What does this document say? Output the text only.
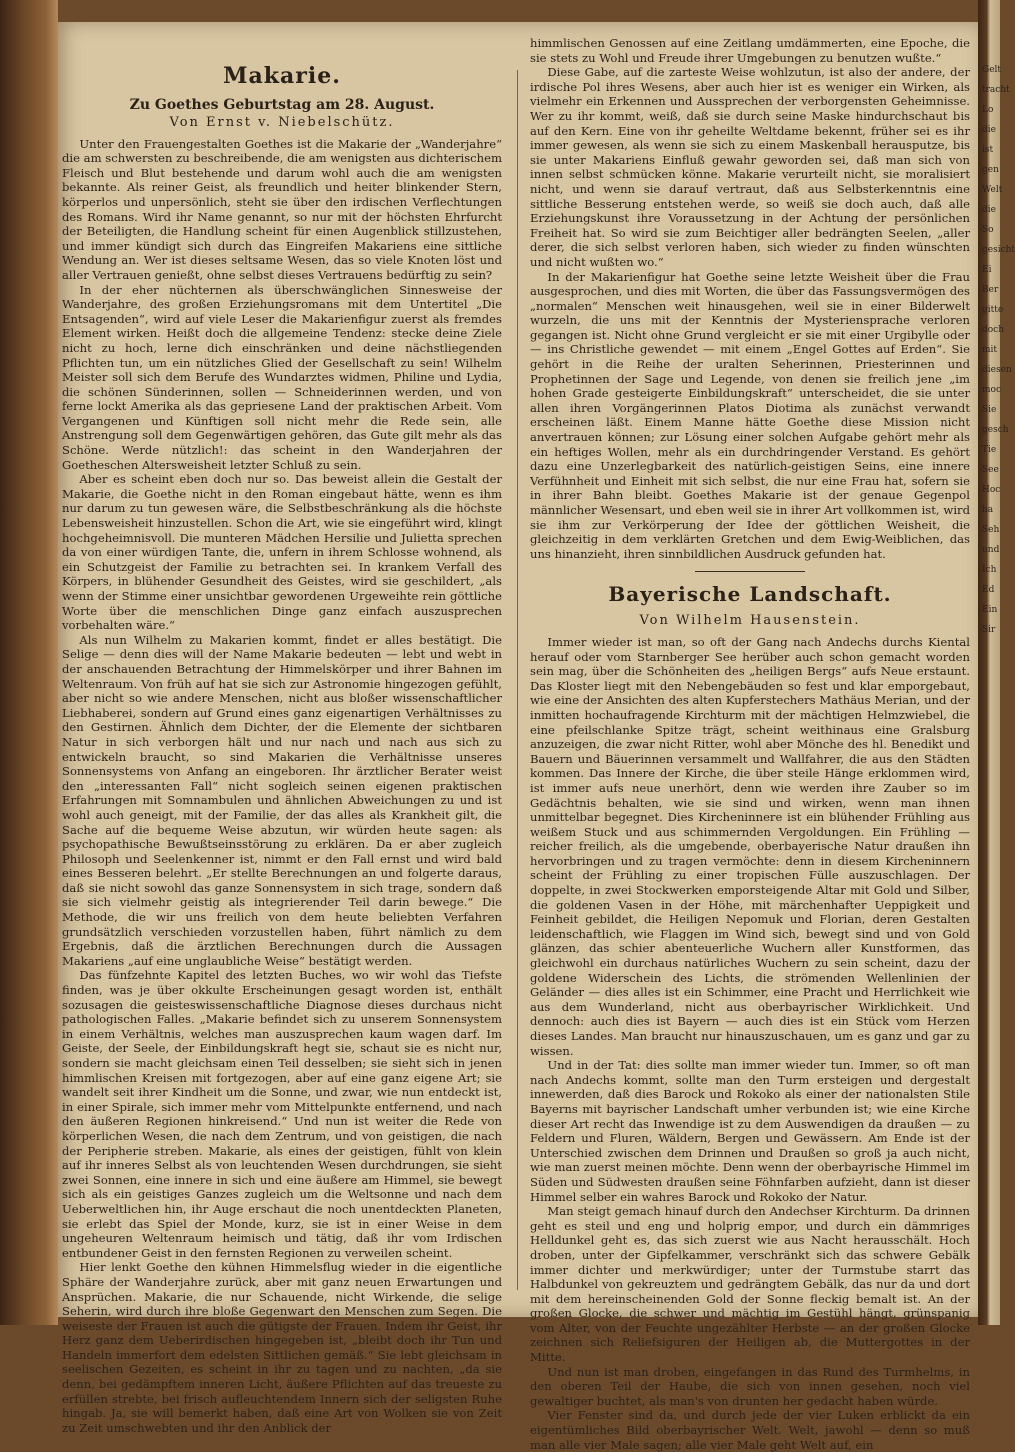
Gelt
tracht
Lo
die
ist
gen
Welt
die
So
gesicht
Ei
Ber
gitte
doch
mit
diesen
moc
Sie
gesch
Tie
See
Hoc
ha
Seh
und
Ich
Ed
Ein
Sir
Makarie.
Zu Goethes Geburtstag am 28. August.
Von Ernst v. Niebelschütz.

Unter den Frauengestalten Goethes ist die Makarie der „Wanderjahre“ die am schwersten zu beschreibende, die am wenigsten aus dichterischem Fleisch und Blut bestehende und darum wohl auch die am wenigsten bekannte. Als reiner Geist, als freundlich und heiter blinkender Stern, körperlos und unpersönlich, steht sie über den irdischen Verflechtungen des Romans. Wird ihr Name genannt, so nur mit der höchsten Ehrfurcht der Beteiligten, die Handlung scheint für einen Augenblick stillzustehen, und immer kündigt sich durch das Eingreifen Makariens eine sittliche Wendung an. Wer ist dieses seltsame Wesen, das so viele Knoten löst und aller Vertrauen genießt, ohne selbst dieses Vertrauens bedürftig zu sein?

In der eher nüchternen als überschwänglichen Sinnesweise der Wanderjahre, des großen Erziehungsromans mit dem Untertitel „Die Entsagenden“, wird auf viele Leser die Makarienfigur zuerst als fremdes Element wirken. Heißt doch die allgemeine Tendenz: stecke deine Ziele nicht zu hoch, lerne dich einschränken und deine nächstliegenden Pflichten tun, um ein nützliches Glied der Gesellschaft zu sein! Wilhelm Meister soll sich dem Berufe des Wundarztes widmen, Philine und Lydia, die schönen Sünderinnen, sollen — Schneiderinnen werden, und von ferne lockt Amerika als das gepriesene Land der praktischen Arbeit. Vom Vergangenen und Künftigen soll nicht mehr die Rede sein, alle Anstrengung soll dem Gegenwärtigen gehören, das Gute gilt mehr als das Schöne. Werde nützlich!: das scheint in den Wanderjahren der Goetheschen Altersweisheit letzter Schluß zu sein.

Aber es scheint eben doch nur so. Das beweist allein die Gestalt der Makarie, die Goethe nicht in den Roman eingebaut hätte, wenn es ihm nur darum zu tun gewesen wäre, die Selbstbeschränkung als die höchste Lebensweisheit hinzustellen. Schon die Art, wie sie eingeführt wird, klingt hochgeheimnisvoll. Die munteren Mädchen Hersilie und Julietta sprechen da von einer würdigen Tante, die, unfern in ihrem Schlosse wohnend, als ein Schutzgeist der Familie zu betrachten sei. In krankem Verfall des Körpers, in blühender Gesundheit des Geistes, wird sie geschildert, „als wenn der Stimme einer unsichtbar gewordenen Urgeweihte rein göttliche Worte über die menschlichen Dinge ganz einfach auszusprechen vorbehalten wäre.“

Als nun Wilhelm zu Makarien kommt, findet er alles bestätigt. Die Selige — denn dies will der Name Makarie bedeuten — lebt und webt in der anschauenden Betrachtung der Himmelskörper und ihrer Bahnen im Weltenraum. Von früh auf hat sie sich zur Astronomie hingezogen gefühlt, aber nicht so wie andere Menschen, nicht aus bloßer wissenschaftlicher Liebhaberei, sondern auf Grund eines ganz eigenartigen Verhältnisses zu den Gestirnen. Ähnlich dem Dichter, der die Elemente der sichtbaren Natur in sich verborgen hält und nur nach und nach aus sich zu entwickeln braucht, so sind Makarien die Verhältnisse unseres Sonnensystems von Anfang an eingeboren. Ihr ärztlicher Berater weist den „interessanten Fall“ nicht sogleich seinen eigenen praktischen Erfahrungen mit Somnambulen und ähnlichen Abweichungen zu und ist wohl auch geneigt, mit der Familie, der das alles als Krankheit gilt, die Sache auf die bequeme Weise abzutun, wir würden heute sagen: als psychopathische Bewußtseinsstörung zu erklären. Da er aber zugleich Philosoph und Seelenkenner ist, nimmt er den Fall ernst und wird bald eines Besseren belehrt. „Er stellte Berechnungen an und folgerte daraus, daß sie nicht sowohl das ganze Sonnensystem in sich trage, sondern daß sie sich vielmehr geistig als integrierender Teil darin bewege.“ Die Methode, die wir uns freilich von dem heute beliebten Verfahren grundsätzlich verschieden vorzustellen haben, führt nämlich zu dem Ergebnis, daß die ärztlichen Berechnungen durch die Aussagen Makariens „auf eine unglaubliche Weise“ bestätigt werden.

Das fünfzehnte Kapitel des letzten Buches, wo wir wohl das Tiefste finden, was je über okkulte Erscheinungen gesagt worden ist, enthält sozusagen die geisteswissenschaftliche Diagnose dieses durchaus nicht pathologischen Falles. „Makarie befindet sich zu unserem Sonnensystem in einem Verhältnis, welches man auszusprechen kaum wagen darf. Im Geiste, der Seele, der Einbildungskraft hegt sie, schaut sie es nicht nur, sondern sie macht gleichsam einen Teil desselben; sie sieht sich in jenen himmlischen Kreisen mit fortgezogen, aber auf eine ganz eigene Art; sie wandelt seit ihrer Kindheit um die Sonne, und zwar, wie nun entdeckt ist, in einer Spirale, sich immer mehr vom Mittelpunkte entfernend, und nach den äußeren Regionen hinkreisend.“ Und nun ist weiter die Rede von körperlichen Wesen, die nach dem Zentrum, und von geistigen, die nach der Peripherie streben. Makarie, als eines der geistigen, fühlt von klein auf ihr inneres Selbst als von leuchtenden Wesen durchdrungen, sie sieht zwei Sonnen, eine innere in sich und eine äußere am Himmel, sie bewegt sich als ein geistiges Ganzes zugleich um die Weltsonne und nach dem Ueberweltlichen hin, ihr Auge erschaut die noch unentdeckten Planeten, sie erlebt das Spiel der Monde, kurz, sie ist in einer Weise in dem ungeheuren Weltenraum heimisch und tätig, daß ihr vom Irdischen entbundener Geist in den fernsten Regionen zu verweilen scheint.

Hier lenkt Goethe den kühnen Himmelsflug wieder in die eigentliche Sphäre der Wanderjahre zurück, aber mit ganz neuen Erwartungen und Ansprüchen. Makarie, die nur Schauende, nicht Wirkende, die selige Seherin, wird durch ihre bloße Gegenwart den Menschen zum Segen. Die weiseste der Frauen ist auch die gütigste der Frauen. Indem ihr Geist, ihr Herz ganz dem Ueberirdischen hingegeben ist, „bleibt doch ihr Tun und Handeln immerfort dem edelsten Sittlichen gemäß.“ Sie lebt gleichsam in seelischen Gezeiten, es scheint in ihr zu tagen und zu nachten, „da sie denn, bei gedämpftem inneren Licht, äußere Pflichten auf das treueste zu erfüllen strebte, bei frisch aufleuchtendem Innern sich der seligsten Ruhe hingab. Ja, sie will bemerkt haben, daß eine Art von Wolken sie von Zeit zu Zeit umschwebten und ihr den Anblick der

himmlischen Genossen auf eine Zeitlang umdämmerten, eine Epoche, die sie stets zu Wohl und Freude ihrer Umgebungen zu benutzen wußte.“

Diese Gabe, auf die zarteste Weise wohlzutun, ist also der andere, der irdische Pol ihres Wesens, aber auch hier ist es weniger ein Wirken, als vielmehr ein Erkennen und Aussprechen der verborgensten Geheimnisse. Wer zu ihr kommt, weiß, daß sie durch seine Maske hindurchschaut bis auf den Kern. Eine von ihr geheilte Weltdame bekennt, früher sei es ihr immer gewesen, als wenn sie sich zu einem Maskenball herausputze, bis sie unter Makariens Einfluß gewahr geworden sei, daß man sich von innen selbst schmücken könne. Makarie verurteilt nicht, sie moralisiert nicht, und wenn sie darauf vertraut, daß aus Selbsterkenntnis eine sittliche Besserung entstehen werde, so weiß sie doch auch, daß alle Erziehungskunst ihre Voraussetzung in der Achtung der persönlichen Freiheit hat. So wird sie zum Beichtiger aller bedrängten Seelen, „aller derer, die sich selbst verloren haben, sich wieder zu finden wünschten und nicht wußten wo.“

In der Makarienfigur hat Goethe seine letzte Weisheit über die Frau ausgesprochen, und dies mit Worten, die über das Fassungsvermögen des „normalen“ Menschen weit hinausgehen, weil sie in einer Bilderwelt wurzeln, die uns mit der Kenntnis der Mysteriensprache verloren gegangen ist. Nicht ohne Grund vergleicht er sie mit einer Urgibylle oder — ins Christliche gewendet — mit einem „Engel Gottes auf Erden“. Sie gehört in die Reihe der uralten Seherinnen, Priesterinnen und Prophetinnen der Sage und Legende, von denen sie freilich jene „im hohen Grade gesteigerte Einbildungskraft“ unterscheidet, die sie unter allen ihren Vorgängerinnen Platos Diotima als zunächst verwandt erscheinen läßt. Einem Manne hätte Goethe diese Mission nicht anvertrauen können; zur Lösung einer solchen Aufgabe gehört mehr als ein heftiges Wollen, mehr als ein durchdringender Verstand. Es gehört dazu eine Unzerlegbarkeit des natürlich-geistigen Seins, eine innere Verfühnheit und Einheit mit sich selbst, die nur eine Frau hat, sofern sie in ihrer Bahn bleibt. Goethes Makarie ist der genaue Gegenpol männlicher Wesensart, und eben weil sie in ihrer Art vollkommen ist, wird sie ihm zur Verkörperung der Idee der göttlichen Weisheit, die gleichzeitig in dem verklärten Gretchen und dem Ewig-Weiblichen, das uns hinanzieht, ihren sinnbildlichen Ausdruck gefunden hat.

Bayerische Landschaft.
Von Wilhelm Hausenstein.

Immer wieder ist man, so oft der Gang nach Andechs durchs Kiental herauf oder vom Starnberger See herüber auch schon gemacht worden sein mag, über die Schönheiten des „heiligen Bergs“ aufs Neue erstaunt. Das Kloster liegt mit den Nebengebäuden so fest und klar emporgebaut, wie eine der Ansichten des alten Kupferstechers Mathäus Merian, und der inmitten hochaufragende Kirchturm mit der mächtigen Helmzwiebel, die eine pfeilschlanke Spitze trägt, scheint weithinaus eine Gralsburg anzuzeigen, die zwar nicht Ritter, wohl aber Mönche des hl. Benedikt und Bauern und Bäuerinnen versammelt und Wallfahrer, die aus den Städten kommen. Das Innere der Kirche, die über steile Hänge erklommen wird, ist immer aufs neue unerhört, denn wie werden ihre Zauber so im Gedächtnis behalten, wie sie sind und wirken, wenn man ihnen unmittelbar begegnet. Dies Kircheninnere ist ein blühender Frühling aus weißem Stuck und aus schimmernden Vergoldungen. Ein Frühling — reicher freilich, als die umgebende, oberbayerische Natur draußen ihn hervorbringen und zu tragen vermöchte: denn in diesem Kircheninnern scheint der Frühling zu einer tropischen Fülle auszuschlagen. Der doppelte, in zwei Stockwerken emporsteigende Altar mit Gold und Silber, die goldenen Vasen in der Höhe, mit märchenhafter Ueppigkeit und Feinheit gebildet, die Heiligen Nepomuk und Florian, deren Gestalten leidenschaftlich, wie Flaggen im Wind sich, bewegt sind und von Gold glänzen, das schier abenteuerliche Wuchern aller Kunstformen, das gleichwohl ein durchaus natürliches Wuchern zu sein scheint, dazu der goldene Widerschein des Lichts, die strömenden Wellenlinien der Geländer — dies alles ist ein Schimmer, eine Pracht und Herrlichkeit wie aus dem Wunderland, nicht aus oberbayrischer Wirklichkeit. Und dennoch: auch dies ist Bayern — auch dies ist ein Stück vom Herzen dieses Landes. Man braucht nur hinauszuschauen, um es ganz und gar zu wissen.

Und in der Tat: dies sollte man immer wieder tun. Immer, so oft man nach Andechs kommt, sollte man den Turm ersteigen und dergestalt innewerden, daß dies Barock und Rokoko als einer der nationalsten Stile Bayerns mit bayrischer Landschaft umher verbunden ist; wie eine Kirche dieser Art recht das Inwendige ist zu dem Auswendigen da draußen — zu Feldern und Fluren, Wäldern, Bergen und Gewässern. Am Ende ist der Unterschied zwischen dem Drinnen und Draußen so groß ja auch nicht, wie man zuerst meinen möchte. Denn wenn der oberbayrische Himmel im Süden und Südwesten draußen seine Föhnfarben aufzieht, dann ist dieser Himmel selber ein wahres Barock und Rokoko der Natur.

Man steigt gemach hinauf durch den Andechser Kirchturm. Da drinnen geht es steil und eng und holprig empor, und durch ein dämmriges Helldunkel geht es, das sich zuerst wie aus Nacht herausschält. Hoch droben, unter der Gipfelkammer, verschränkt sich das schwere Gebälk immer dichter und merkwürdiger; unter der Turmstube starrt das Halbdunkel von gekreuztem und gedrängtem Gebälk, das nur da und dort mit dem hereinscheinenden Gold der Sonne fleckig bemalt ist. An der großen Glocke, die schwer und mächtig im Gestühl hängt, grünspanig vom Alter, von der Feuchte ungezählter Herbste — an der großen Glocke zeichnen sich Reliefsiguren der Heiligen ab, die Muttergottes in der Mitte.

Und nun ist man droben, eingefangen in das Rund des Turmhelms, in den oberen Teil der Haube, die sich von innen gesehen, noch viel gewaltiger buchtet, als man's von drunten her gedacht haben würde.

Vier Fenster sind da, und durch jede der vier Luken erblickt da ein eigentümliches Bild oberbayrischer Welt. Welt, jawohl — denn so muß man alle vier Male sagen; alle vier Male geht Welt auf, ein
